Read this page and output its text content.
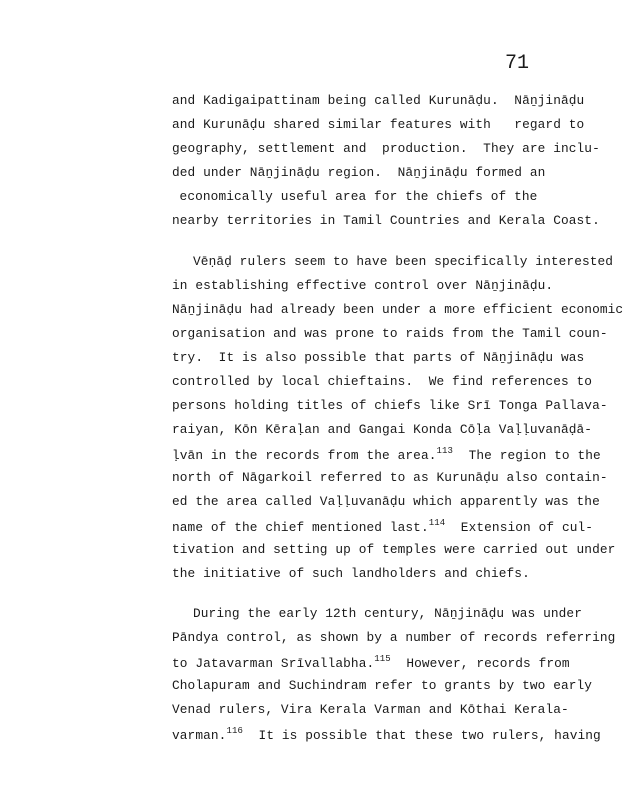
71
and Kadigaipattinam being called Kurunāḍu.  Nāṉjināḍu
and Kurunāḍu shared similar features with   regard to
geography, settlement and  production.  They are inclu-
ded under Nāṉjināḍu region.  Nāṉjināḍu formed an
economically useful area for the chiefs of the
nearby territories in Tamil Countries and Kerala Coast.
Vēṇāḍ rulers seem to have been specifically interested
in establishing effective control over Nāṉjināḍu.
Nāṉjināḍu had already been under a more efficient economic
organisation and was prone to raids from the Tamil coun-
try.  It is also possible that parts of Nāṉjināḍu was
controlled by local chieftains.  We find references to
persons holding titles of chiefs like Srī Tonga Pallava-
raiyan, Kōn Kēraḷan and Gangai Konda Cōḷa Vaḷḷuvanāḍā-
ḷvān in the records from the area.$^{113}$  The region to the
north of Nāgarkoil referred to as Kurunāḍu also contain-
ed the area called Vaḷḷuvanāḍu which apparently was the
name of the chief mentioned last.$^{114}$  Extension of cul-
tivation and setting up of temples were carried out under
the initiative of such landholders and chiefs.
During the early 12th century, Nāṉjināḍu was under
Pāndya control, as shown by a number of records referring
to Jatavarman Srīvallabha.$^{115}$  However, records from
Cholapuram and Suchindram refer to grants by two early
Venad rulers, Vira Kerala Varman and Kōthai Kerala-
varman.$^{116}$  It is possible that these two rulers, having
